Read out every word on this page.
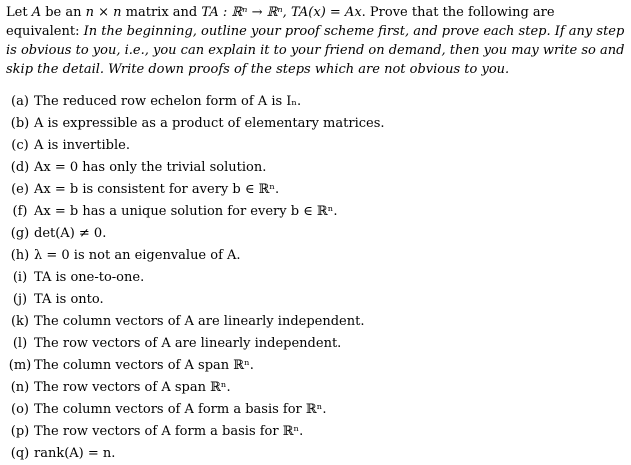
Let A be an n × n matrix and TA : ℝⁿ → ℝⁿ, TA(x) = Ax. Prove that the following are equivalent: In the beginning, outline your proof scheme first, and prove each step. If any step is obvious to you, i.e., you can explain it to your friend on demand, then you may write so and skip the detail. Write down proofs of the steps which are not obvious to you.
(a) The reduced row echelon form of A is Iₙ.
(b) A is expressible as a product of elementary matrices.
(c) A is invertible.
(d) Ax = 0 has only the trivial solution.
(e) Ax = b is consistent for avery b ∈ ℝⁿ.
(f) Ax = b has a unique solution for every b ∈ ℝⁿ.
(g) det(A) ≠ 0.
(h) λ = 0 is not an eigenvalue of A.
(i) TA is one-to-one.
(j) TA is onto.
(k) The column vectors of A are linearly independent.
(l) The row vectors of A are linearly independent.
(m) The column vectors of A span ℝⁿ.
(n) The row vectors of A span ℝⁿ.
(o) The column vectors of A form a basis for ℝⁿ.
(p) The row vectors of A form a basis for ℝⁿ.
(q) rank(A) = n.
